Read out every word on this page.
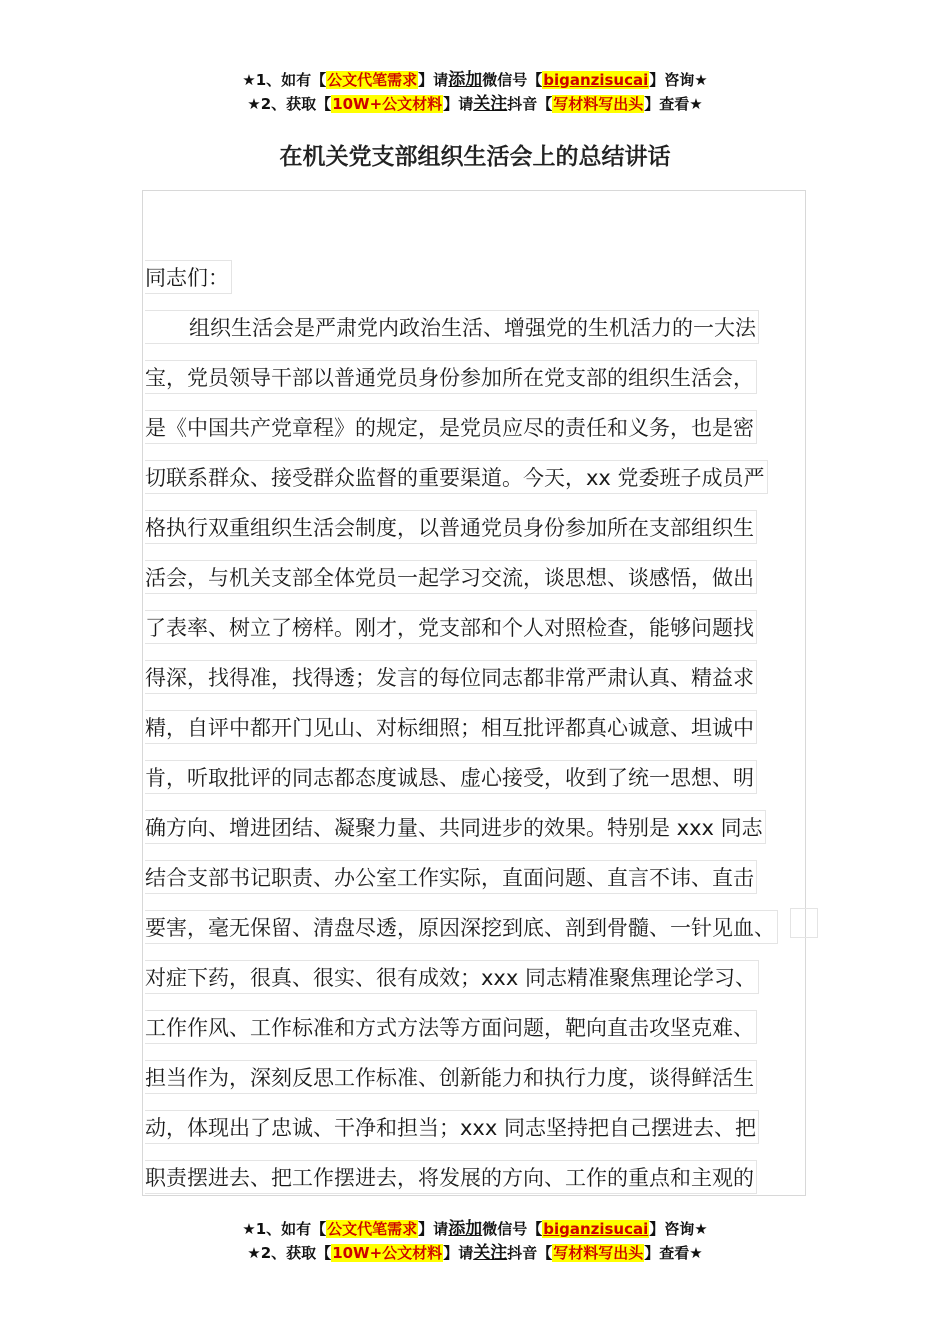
★1、如有【公文代笔需求】请添加微信号【biganzisucai】咨询★
★2、获取【10W+公文材料】请关注抖音【写材料写出头】查看★
在机关党支部组织生活会上的总结讲话
同志们：
组织生活会是严肃党内政治生活、增强党的生机活力的一大法
宝，党员领导干部以普通党员身份参加所在党支部的组织生活会，
是《中国共产党章程》的规定，是党员应尽的责任和义务，也是密
切联系群众、接受群众监督的重要渠道。今天，xx 党委班子成员严
格执行双重组织生活会制度，以普通党员身份参加所在支部组织生
活会，与机关支部全体党员一起学习交流，谈思想、谈感悟，做出
了表率、树立了榜样。刚才，党支部和个人对照检查，能够问题找
得深，找得准，找得透；发言的每位同志都非常严肃认真、精益求
精，自评中都开门见山、对标细照；相互批评都真心诚意、坦诚中
肯，听取批评的同志都态度诚恳、虚心接受，收到了统一思想、明
确方向、增进团结、凝聚力量、共同进步的效果。特别是 xxx 同志
结合支部书记职责、办公室工作实际，直面问题、直言不讳、直击
要害，毫无保留、清盘尽透，原因深挖到底、剖到骨髓、一针见血、
对症下药，很真、很实、很有成效；xxx 同志精准聚焦理论学习、
工作作风、工作标准和方式方法等方面问题，靶向直击攻坚克难、
担当作为，深刻反思工作标准、创新能力和执行力度，谈得鲜活生
动，体现出了忠诚、干净和担当；xxx 同志坚持把自己摆进去、把
职责摆进去、把工作摆进去，将发展的方向、工作的重点和主观的
★1、如有【公文代笔需求】请添加微信号【biganzisucai】咨询★
★2、获取【10W+公文材料】请关注抖音【写材料写出头】查看★
